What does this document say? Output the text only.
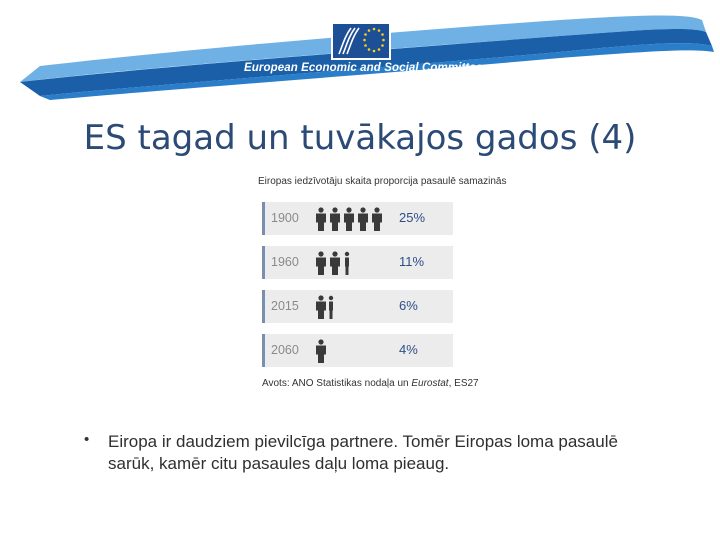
European Economic and Social Committee
ES tagad un tuvākajos gados (4)
Eiropas iedzīvotāju skaita proporcija pasaulē samazinās
1900	25%
1960	11%
2015	6%
2060	4%
Avots: ANO Statistikas nodaļa un Eurostat, ES27
• Eiropa ir daudziem pievilcīga partnere. Tomēr Eiropas loma pasaulē sarūk, kamēr citu pasaules daļu loma pieaug.
